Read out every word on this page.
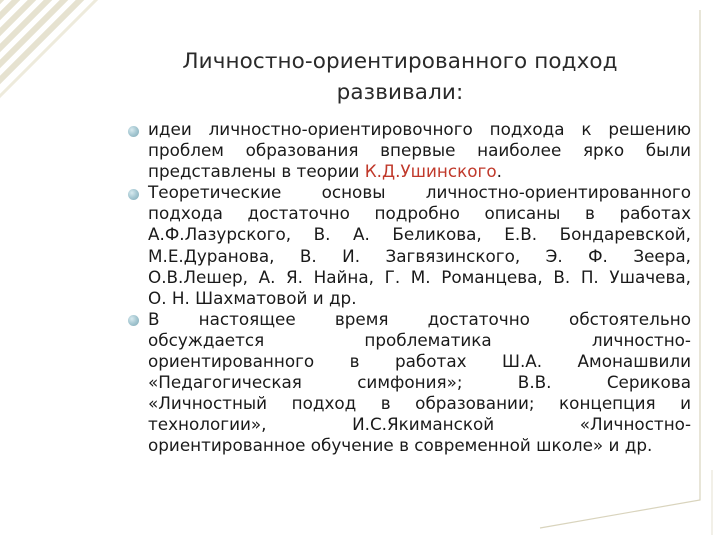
Личностно-ориентированного подход
развивали:
идеи личностно-ориентировочного подхода к решению
проблем образования впервые наиболее ярко были
представлены в теории К.Д.Ушинского.
Теоретические основы личностно-ориентированного
подхода достаточно подробно описаны в работах
А.Ф.Лазурского, В. А. Беликова, Е.В. Бондаревской,
М.Е.Дуранова, В. И. Загвязинского, Э. Ф. Зеера,
О.В.Лешер, А. Я. Найна, Г. М. Романцева, В. П. Ушачева,
О. Н. Шахматовой и др.
В настоящее время достаточно обстоятельно
обсуждается проблематика личностно-
ориентированного в работах Ш.А. Амонашвили
«Педагогическая симфония»; В.В. Серикова
«Личностный подход в образовании; концепция и
технологии», И.С.Якиманской «Личностно-
ориентированное обучение в современной школе» и др.
